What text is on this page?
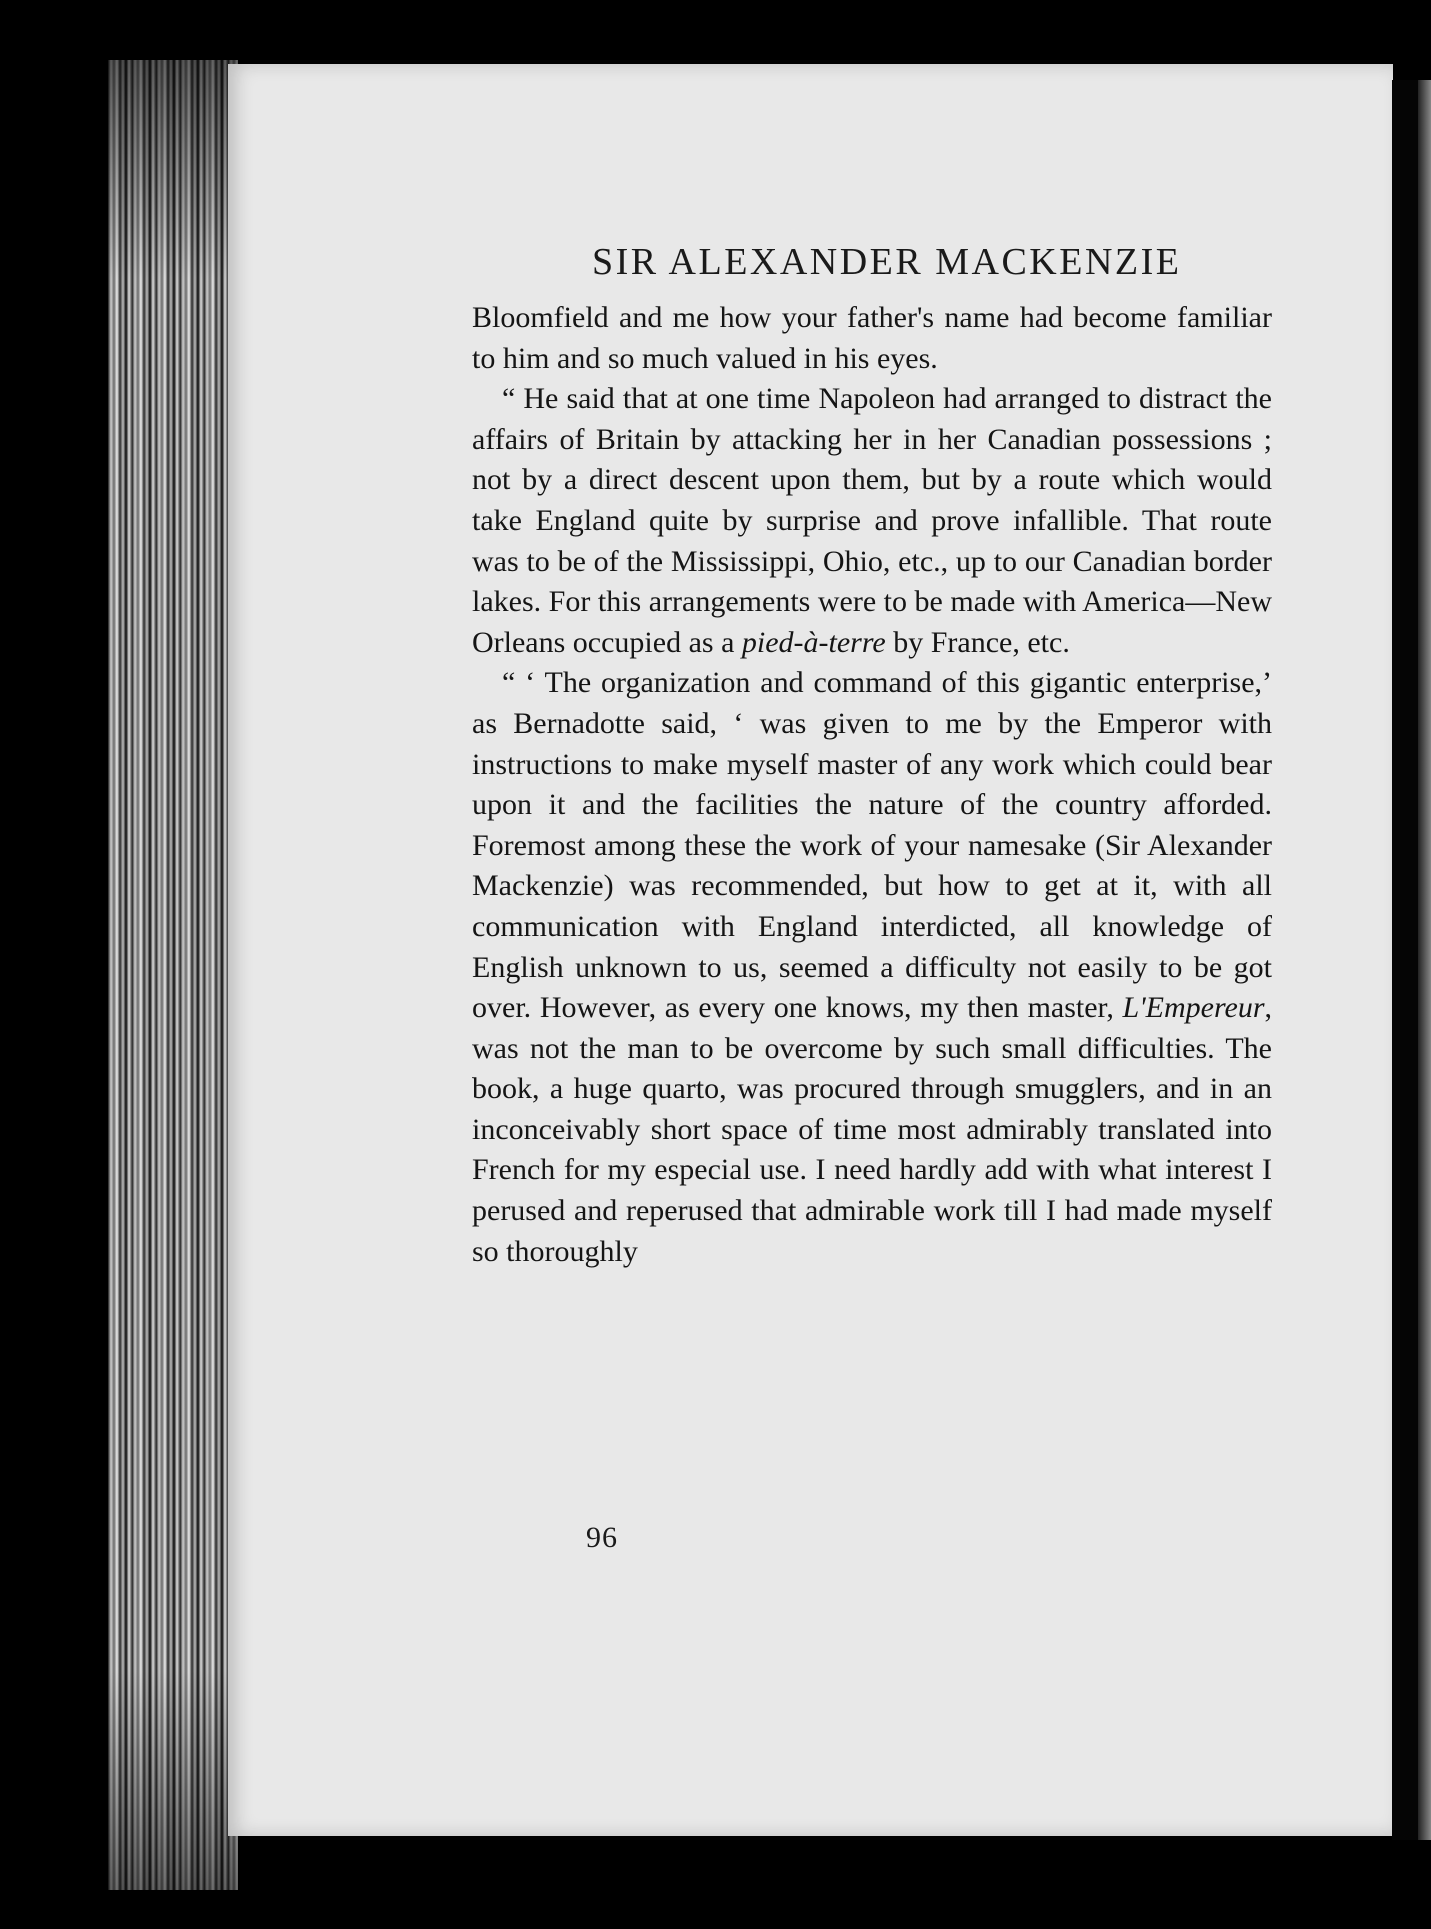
SIR ALEXANDER MACKENZIE

Bloomfield and me how your father's name had become familiar to him and so much valued in his eyes.

“ He said that at one time Napoleon had arranged to distract the affairs of Britain by attacking her in her Canadian possessions ; not by a direct descent upon them, but by a route which would take England quite by surprise and prove infallible. That route was to be of the Mississippi, Ohio, etc., up to our Canadian border lakes. For this arrangements were to be made with America—New Orleans occupied as a pied-à-terre by France, etc.

“ ‘ The organization and command of this gigantic enterprise,’ as Bernadotte said, ‘ was given to me by the Emperor with instructions to make myself master of any work which could bear upon it and the facilities the nature of the country afforded. Foremost among these the work of your namesake (Sir Alexander Mackenzie) was recommended, but how to get at it, with all communication with England interdicted, all knowledge of English unknown to us, seemed a difficulty not easily to be got over. However, as every one knows, my then master, L'Empereur, was not the man to be overcome by such small difficulties. The book, a huge quarto, was procured through smugglers, and in an inconceivably short space of time most admirably translated into French for my especial use. I need hardly add with what interest I perused and reperused that admirable work till I had made myself so thoroughly

96
